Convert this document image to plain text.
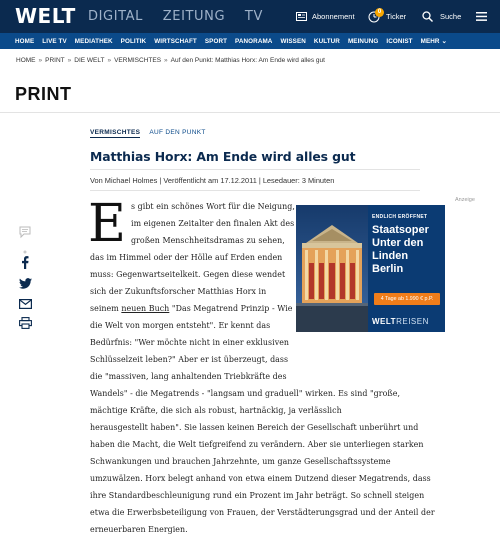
WELT DIGITAL ZEITUNG TV	Abonnement
0
Ticker	Suche
HOME LIVE TV MEDIATHEK POLITIK WIRTSCHAFT SPORT PANORAMA WISSEN KULTUR MEINUNG ICONIST MEHR ⌄
HOME » PRINT » DIE WELT » VERMISCHTES » Auf den Punkt: Matthias Horx: Am Ende wird alles gut
PRINT
VERMISCHTES AUF DEN PUNKT
Matthias Horx: Am Ende wird alles gut
Von Michael Holmes | Veröffentlicht am 17.12.2011 | Lesedauer: 3 Minuten
E s gibt ein schönes Wort für die Neigung,
im eigenen Zeitalter den finalen Akt des
großen Menschheitsdramas zu sehen,
das im Himmel oder der Hölle auf Erden enden
muss: Gegenwartseitelkeit. Gegen diese wendet
sich der Zukunftsforscher Matthias Horx in
seinem neuen Buch "Das Megatrend Prinzip - Wie
die Welt von morgen entsteht". Er kennt das
Bedürfnis: "Wer möchte nicht in einer exklusiven
Schlüsselzeit leben?" Aber er ist überzeugt, dass
die "massiven, lang anhaltenden Triebkräfte des
Wandels" - die Megatrends - "langsam und graduell" wirken. Es sind "große,
mächtige Kräfte, die sich als robust, hartnäckig, ja verlässlich
herausgestellt haben". Sie lassen keinen Bereich der Gesellschaft unberührt und
haben die Macht, die Welt tiefgreifend zu verändern. Aber sie unterliegen starken
Schwankungen und brauchen Jahrzehnte, um ganze Gesellschaftssysteme
umzuwälzen. Horx belegt anhand von etwa einem Dutzend dieser Megatrends, dass
ihre Standardbeschleunigung rund ein Prozent im Jahr beträgt. So schnell steigen
etwa die Erwerbsbeteiligung von Frauen, der Verstädterungsgrad und der Anteil der
erneuerbaren Energien.
Anzeige
ENDLICH ERÖFFNET
Staatsoper
Unter den
Linden
Berlin
4 Tage ab 1.990 € p.P.
WELTREISEN
